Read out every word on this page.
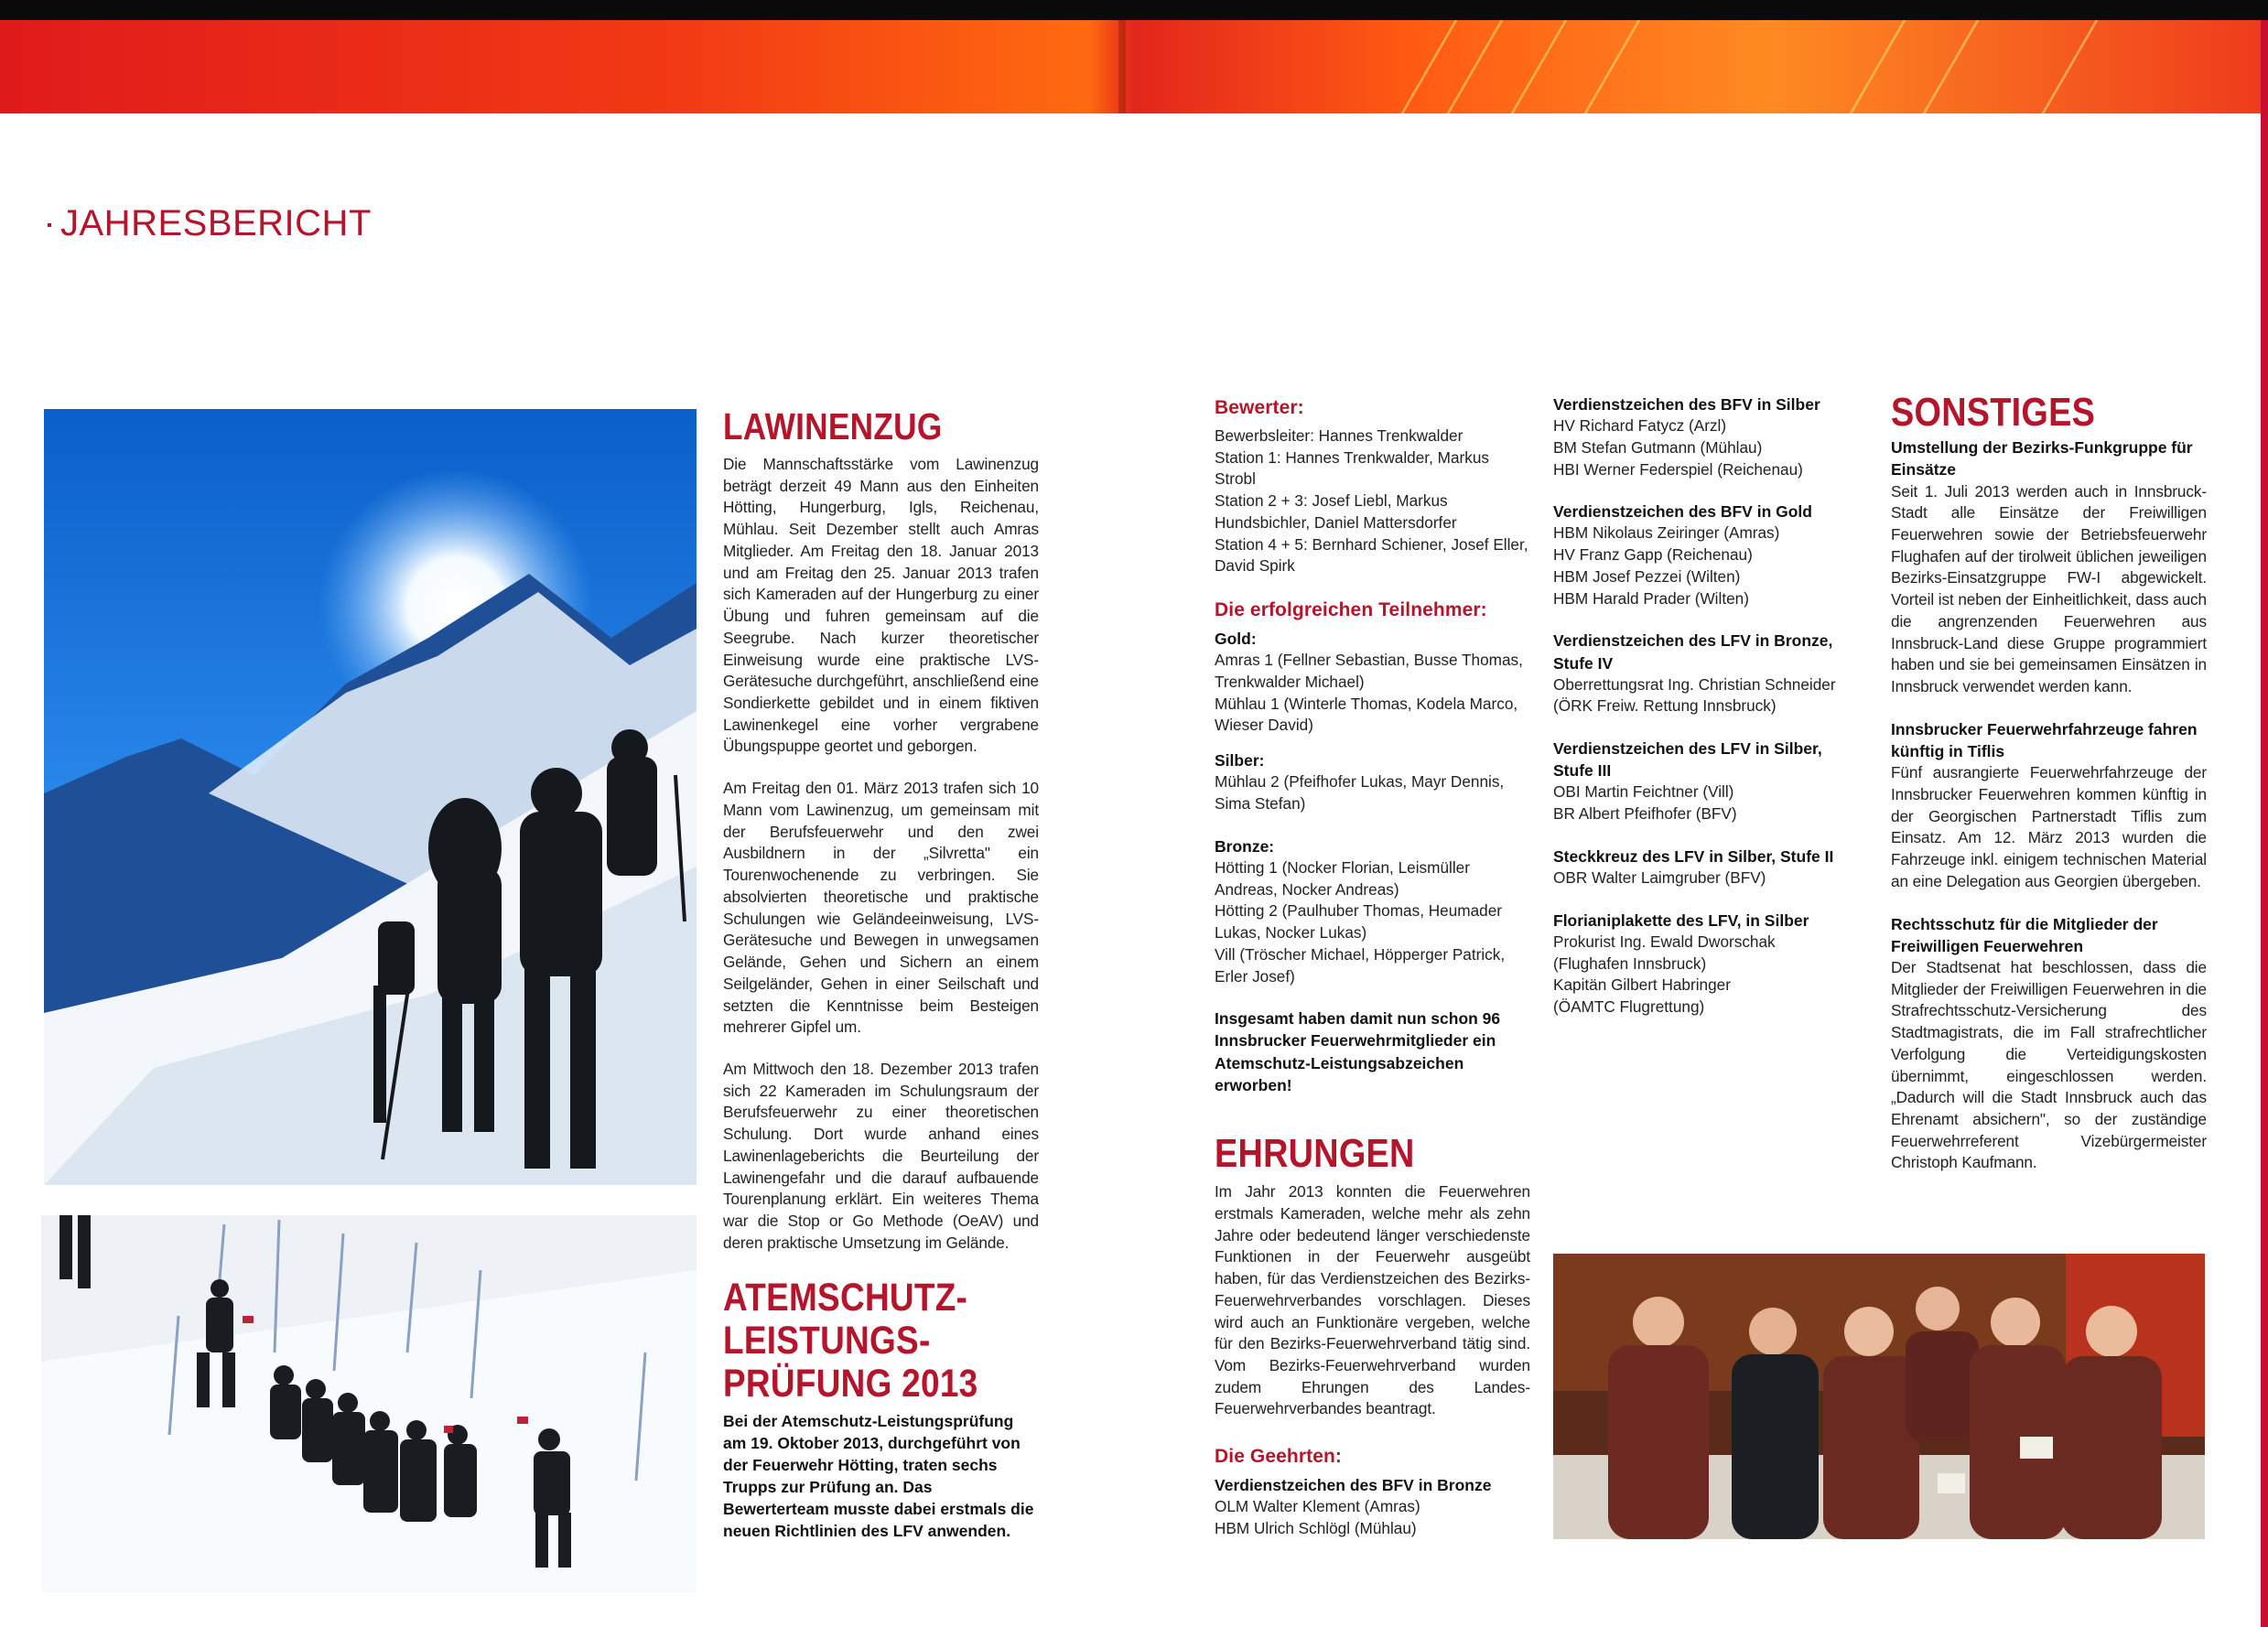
JAHRESBERICHT
LAWINENZUG

Die Mannschaftsstärke vom Lawinenzug beträgt derzeit 49 Mann aus den Einheiten Hötting, Hungerburg, Igls, Reichenau, Mühlau. Seit Dezember stellt auch Amras Mitglieder. Am Freitag den 18. Januar 2013 und am Freitag den 25. Januar 2013 trafen sich Kameraden auf der Hungerburg zu einer Übung und fuhren gemeinsam auf die Seegrube. Nach kurzer theoretischer Einweisung wurde eine praktische LVS-Gerätesuche durchgeführt, anschließend eine Sondierkette gebildet und in einem fiktiven Lawinenkegel eine vorher vergrabene Übungspuppe geortet und geborgen.

Am Freitag den 01. März 2013 trafen sich 10 Mann vom Lawinenzug, um gemeinsam mit der Berufsfeuerwehr und den zwei Ausbildnern in der „Silvretta" ein Tourenwochenende zu verbringen. Sie absolvierten theoretische und praktische Schulungen wie Geländeeinweisung, LVS-Gerätesuche und Bewegen in unwegsamen Gelände, Gehen und Sichern an einem Seilgeländer, Gehen in einer Seilschaft und setzten die Kenntnisse beim Besteigen mehrerer Gipfel um.

Am Mittwoch den 18. Dezember 2013 trafen sich 22 Kameraden im Schulungsraum der Berufsfeuerwehr zu einer theoretischen Schulung. Dort wurde anhand eines Lawinenlageberichts die Beurteilung der Lawinengefahr und die darauf aufbauende Tourenplanung erklärt. Ein weiteres Thema war die Stop or Go Methode (OeAV) und deren praktische Umsetzung im Gelände.

ATEMSCHUTZ-
LEISTUNGS-
PRÜFUNG 2013
Bei der Atemschutz-Leistungsprüfung am 19. Oktober 2013, durchgeführt von der Feuerwehr Hötting, traten sechs Trupps zur Prüfung an. Das Bewerterteam musste dabei erstmals die neuen Richtlinien des LFV anwenden.
Bewerter:
Bewerbsleiter: Hannes Trenkwalder
Station 1: Hannes Trenkwalder, Markus Strobl
Station 2 + 3: Josef Liebl, Markus Hundsbichler, Daniel Mattersdorfer
Station 4 + 5: Bernhard Schiener, Josef Eller, David Spirk
Die erfolgreichen Teilnehmer:
Gold:
Amras 1 (Fellner Sebastian, Busse Thomas, Trenkwalder Michael)
Mühlau 1 (Winterle Thomas, Kodela Marco, Wieser David)
Silber:
Mühlau 2 (Pfeifhofer Lukas, Mayr Dennis, Sima Stefan)
Bronze:
Hötting 1 (Nocker Florian, Leismüller Andreas, Nocker Andreas)
Hötting 2 (Paulhuber Thomas, Heumader Lukas, Nocker Lukas)
Vill (Tröscher Michael, Höpperger Patrick, Erler Josef)
Insgesamt haben damit nun schon 96 Innsbrucker Feuerwehrmitglieder ein Atemschutz-Leistungsabzeichen erworben!
EHRUNGEN

Im Jahr 2013 konnten die Feuerwehren erstmals Kameraden, welche mehr als zehn Jahre oder bedeutend länger verschiedenste Funktionen in der Feuerwehr ausgeübt haben, für das Verdienstzeichen des Bezirks-Feuerwehrverbandes vorschlagen. Dieses wird auch an Funktionäre vergeben, welche für den Bezirks-Feuerwehrverband tätig sind. Vom Bezirks-Feuerwehrverband wurden zudem Ehrungen des Landes-Feuerwehrverbandes beantragt.

Die Geehrten:
Verdienstzeichen des BFV in Bronze
OLM Walter Klement (Amras)
HBM Ulrich Schlögl (Mühlau)
Verdienstzeichen des BFV in Silber
HV Richard Fatycz (Arzl)
BM Stefan Gutmann (Mühlau)
HBI Werner Federspiel (Reichenau)
Verdienstzeichen des BFV in Gold
HBM Nikolaus Zeiringer (Amras)
HV Franz Gapp (Reichenau)
HBM Josef Pezzei (Wilten)
HBM Harald Prader (Wilten)
Verdienstzeichen des LFV in Bronze, Stufe IV
Oberrettungsrat Ing. Christian Schneider
(ÖRK Freiw. Rettung Innsbruck)
Verdienstzeichen des LFV in Silber, Stufe III
OBI Martin Feichtner (Vill)
BR Albert Pfeifhofer (BFV)
Steckkreuz des LFV in Silber, Stufe II
OBR Walter Laimgruber (BFV)
Florianiplakette des LFV, in Silber
Prokurist Ing. Ewald Dworschak
(Flughafen Innsbruck)
Kapitän Gilbert Habringer
(ÖAMTC Flugrettung)
SONSTIGES
Umstellung der Bezirks-Funkgruppe für Einsätze

Seit 1. Juli 2013 werden auch in Innsbruck-Stadt alle Einsätze der Freiwilligen Feuerwehren sowie der Betriebsfeuerwehr Flughafen auf der tirolweit üblichen jeweiligen Bezirks-Einsatzgruppe FW-I abgewickelt. Vorteil ist neben der Einheitlichkeit, dass auch die angrenzenden Feuerwehren aus Innsbruck-Land diese Gruppe programmiert haben und sie bei gemeinsamen Einsätzen in Innsbruck verwendet werden kann.

Innsbrucker Feuerwehrfahrzeuge fahren künftig in Tiflis

Fünf ausrangierte Feuerwehrfahrzeuge der Innsbrucker Feuerwehren kommen künftig in der Georgischen Partnerstadt Tiflis zum Einsatz. Am 12. März 2013 wurden die Fahrzeuge inkl. einigem technischen Material an eine Delegation aus Georgien übergeben.

Rechtsschutz für die Mitglieder der Freiwilligen Feuerwehren

Der Stadtsenat hat beschlossen, dass die Mitglieder der Freiwilligen Feuerwehren in die Strafrechtsschutz-Versicherung des Stadtmagistrats, die im Fall strafrechtlicher Verfolgung die Verteidigungskosten übernimmt, eingeschlossen werden. „Dadurch will die Stadt Innsbruck auch das Ehrenamt absichern", so der zuständige Feuerwehrreferent Vizebürgermeister Christoph Kaufmann.
